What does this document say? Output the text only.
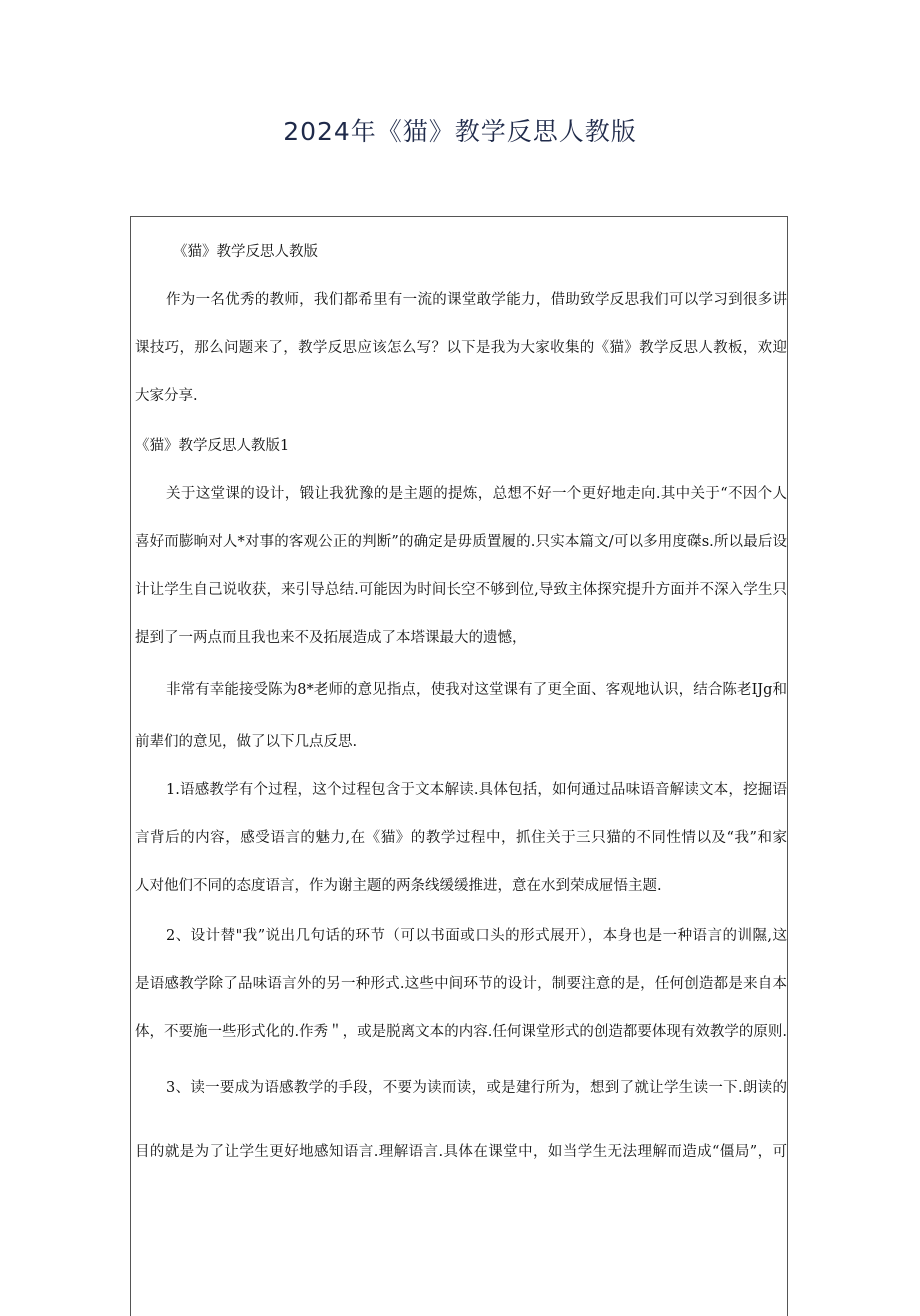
2024年《猫》教学反思人教版
《猫》教学反思人教版
作为一名优秀的教师，我们都希里有一流的课堂敢学能力，借助致学反思我们可以学习到很多讲
课技巧，那么问题来了，教学反思应该怎么写？以下是我为大家收集的《猫》教学反思人教板，欢迎
大家分享.
《猫》教学反思人教版1
关于这堂课的设计，锻让我犹豫的是主题的提炼，总想不好一个更好地走向.其中关于“不因个人
喜好而膨晌对人*对事的客观公正的判断”的确定是毋质置履的.只实本篇文/可以多用度磔s.所以最后设
计让学生自己说收获，来引导总结.可能因为时间长空不够到位,导致主体探究提升方面并不深入学生只
提到了一两点而且我也来不及拓展造成了本塔课最大的遗憾，
非常有幸能接受陈为8*老师的意见指点，使我对这堂课有了更全面、客观地认识，结合陈老IJg和
前辈们的意见，做了以下几点反思.
1.语感教学有个过程，这个过程包含于文本解读.具体包括，如何通过品味语音解读文本，挖掘语
言背后的内容，感受语言的魅力,在《猫》的教学过程中，抓住关于三只猫的不同性情以及“我”和家
人对他们不同的态度语言，作为谢主题的两条线缓缓推进，意在水到荣成屉悟主题.
2、设计替"我”说出几句话的环节（可以书面或口头的形式展开），本身也是一种语言的训隰,这
是语感教学除了品味语言外的另一种形式.这些中间环节的设计，制要注意的是，任何创造都是来自本
体，不要施一些形式化的.作秀＂，或是脱离文本的内容.任何课堂形式的创造都要体现有效教学的原则.
3、读一要成为语感教学的手段，不要为读而读，或是建行所为，想到了就让学生读一下.朗读的
目的就是为了让学生更好地感知语言.理解语言.具体在课堂中，如当学生无法理解而造成“僵局”，可
